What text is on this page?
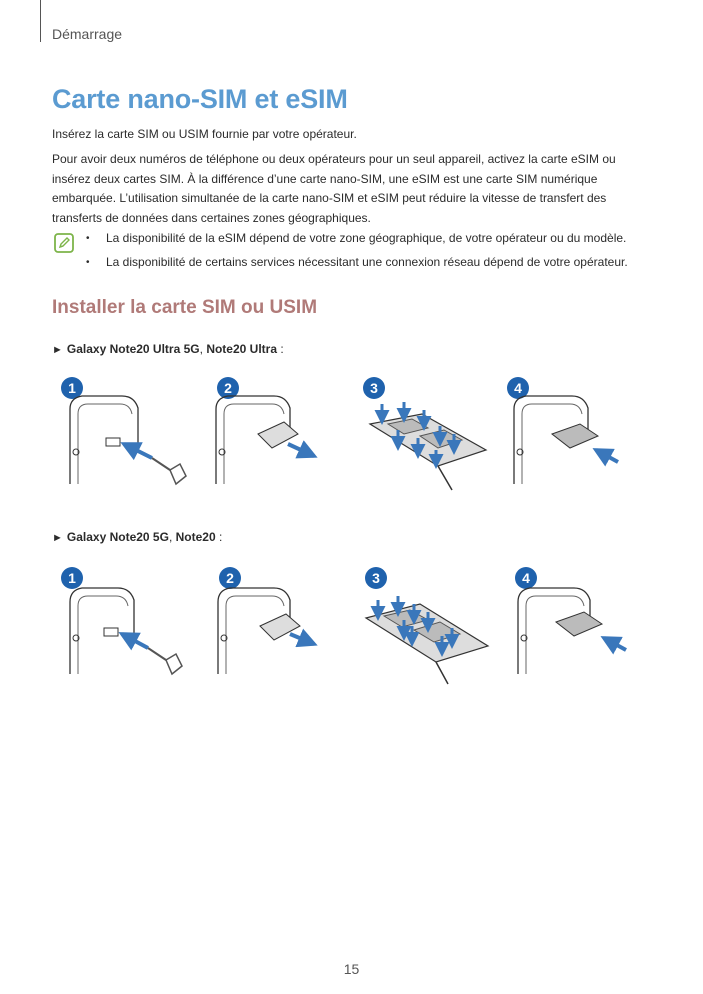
Démarrage
Carte nano-SIM et eSIM

Insérez la carte SIM ou USIM fournie par votre opérateur.

Pour avoir deux numéros de téléphone ou deux opérateurs pour un seul appareil, activez la carte eSIM ou insérez deux cartes SIM. À la différence d’une carte nano-SIM, une eSIM est une carte SIM numérique embarquée. L’utilisation simultanée de la carte nano-SIM et eSIM peut réduire la vitesse de transfert des transferts de données dans certaines zones géographiques.

• La disponibilité de la eSIM dépend de votre zone géographique, de votre opérateur ou du modèle.
• La disponibilité de certains services nécessitant une connexion réseau dépend de votre opérateur.
Installer la carte SIM ou USIM
► Galaxy Note20 Ultra 5G, Note20 Ultra :
1	2	3	4
► Galaxy Note20 5G, Note20 :
1	2	3	4
15
